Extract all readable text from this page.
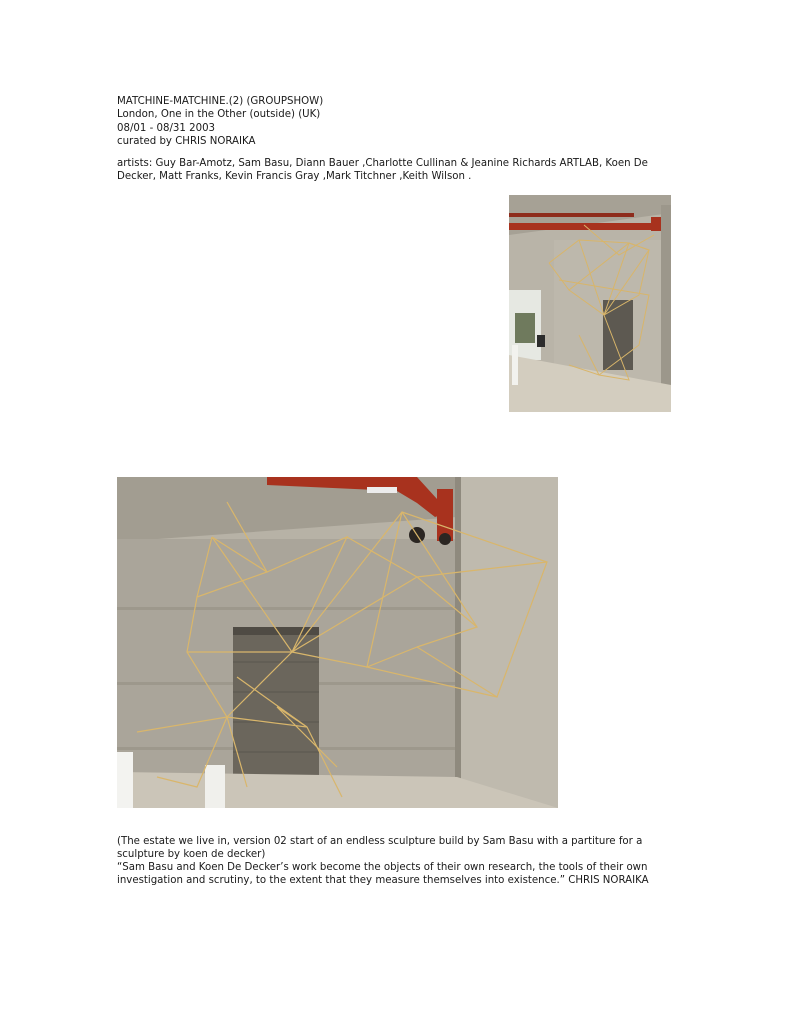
MATCHINE-MATCHINE.(2) (GROUPSHOW)
London, One in the Other (outside) (UK)
08/01 - 08/31 2003
curated by CHRIS NORAIKA
artists: Guy Bar-Amotz, Sam Basu, Diann Bauer ,Charlotte Cullinan & Jeanine Richards ARTLAB, Koen De Decker, Matt Franks, Kevin Francis Gray ,Mark Titchner ,Keith Wilson .
(The estate we live in, version 02 start of an endless sculpture build by Sam Basu with a partiture for a sculpture by koen de decker)
“Sam Basu and Koen De Decker’s work become the objects of their own research, the tools of their own investigation and scrutiny, to the extent that they measure themselves into existence.” CHRIS NORAIKA
